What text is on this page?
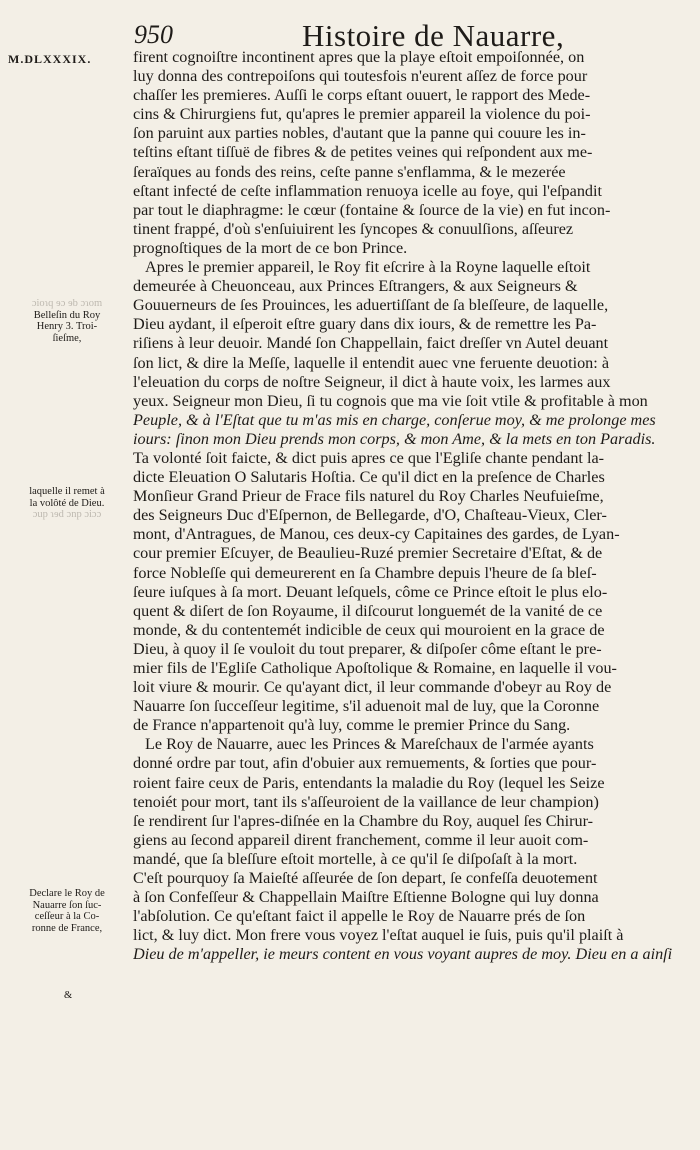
950	Histoire de Nauarre,
M.DLXXXIX.
ɔioɿq ɘɔ ɘb ɔɿom
Belleſin du Roy
Henry 3. Troi-
ſieſme,
laquelle il remet à
la volôté de Dieu.
ɔup ɿɘd ɔnp ɔiɔɔ
Declare le Roy de
Nauarre ſon ſuc-
ceſſeur à la Co-
ronne de France,
&
firent cognoiſtre incontinent apres que la playe eſtoit empoiſonnée, on
luy donna des contrepoiſons qui toutesfois n'eurent aſſez de force pour
chaſſer les premieres. Auſſi le corps eſtant ouuert, le rapport des Mede-
cins & Chirurgiens fut, qu'apres le premier appareil la violence du poi-
ſon paruint aux parties nobles, d'autant que la panne qui couure les in-
teſtins eſtant tiſſuë de fibres & de petites veines qui reſpondent aux me-
ſeraïques au fonds des reins, ceſte panne s'enflamma, & le mezerée
eſtant infecté de ceſte inflammation renuoya icelle au foye, qui l'eſpandit
par tout le diaphragme: le cœur (fontaine & ſource de la vie) en fut incon-
tinent frappé, d'où s'enſuiuirent les ſyncopes & conuulſions, aſſeurez
prognoſtiques de la mort de ce bon Prince.
Apres le premier appareil, le Roy fit eſcrire à la Royne laquelle eſtoit
demeurée à Cheuonceau, aux Princes Eſtrangers, & aux Seigneurs &
Gouuerneurs de ſes Prouinces, les aduertiſſant de ſa bleſſeure, de laquelle,
Dieu aydant, il eſperoit eſtre guary dans dix iours, & de remettre les Pa-
riſiens à leur deuoir. Mandé ſon Chappellain, faict dreſſer vn Autel deuant
ſon lict, & dire la Meſſe, laquelle il entendit auec vne feruente deuotion: à
l'eleuation du corps de noſtre Seigneur, il dict à haute voix, les larmes aux
yeux. Seigneur mon Dieu, ſi tu cognois que ma vie ſoit vtile & profitable à mon
Peuple, & à l'Eſtat que tu m'as mis en charge, conſerue moy, & me prolonge mes
iours: ſinon mon Dieu prends mon corps, & mon Ame, & la mets en ton Paradis.
Ta volonté ſoit faicte, & dict puis apres ce que l'Egliſe chante pendant la-
dicte Eleuation O Salutaris Hoſtia. Ce qu'il dict en la preſence de Charles
Monſieur Grand Prieur de Frace fils naturel du Roy Charles Neufuieſme,
des Seigneurs Duc d'Eſpernon, de Bellegarde, d'O, Chaſteau-Vieux, Cler-
mont, d'Antragues, de Manou, ces deux-cy Capitaines des gardes, de Lyan-
cour premier Eſcuyer, de Beaulieu-Ruzé premier Secretaire d'Eſtat, & de
force Nobleſſe qui demeurerent en ſa Chambre depuis l'heure de ſa bleſ-
ſeure iuſques à ſa mort. Deuant leſquels, côme ce Prince eſtoit le plus elo-
quent & diſert de ſon Royaume, il diſcourut longuemét de la vanité de ce
monde, & du contentemét indicible de ceux qui mouroient en la grace de
Dieu, à quoy il ſe vouloit du tout preparer, & diſpoſer côme eſtant le pre-
mier fils de l'Egliſe Catholique Apoſtolique & Romaine, en laquelle il vou-
loit viure & mourir. Ce qu'ayant dict, il leur commande d'obeyr au Roy de
Nauarre ſon ſucceſſeur legitime, s'il aduenoit mal de luy, que la Coronne
de France n'appartenoit qu'à luy, comme le premier Prince du Sang.
Le Roy de Nauarre, auec les Princes & Mareſchaux de l'armée ayants
donné ordre par tout, afin d'obuier aux remuements, & ſorties que pour-
roient faire ceux de Paris, entendants la maladie du Roy (lequel les Seize
tenoiét pour mort, tant ils s'aſſeuroient de la vaillance de leur champion)
ſe rendirent ſur l'apres-diſnée en la Chambre du Roy, auquel ſes Chirur-
giens au ſecond appareil dirent franchement, comme il leur auoit com-
mandé, que ſa bleſſure eſtoit mortelle, à ce qu'il ſe diſpoſaſt à la mort.
C'eſt pourquoy ſa Maieſté aſſeurée de ſon depart, ſe confeſſa deuotement
à ſon Confeſſeur & Chappellain Maiſtre Eſtienne Bologne qui luy donna
l'abſolution. Ce qu'eſtant faict il appelle le Roy de Nauarre prés de ſon
lict, & luy dict. Mon frere vous voyez l'eſtat auquel ie ſuis, puis qu'il plaiſt à
Dieu de m'appeller, ie meurs content en vous voyant aupres de moy. Dieu en a ainſi
